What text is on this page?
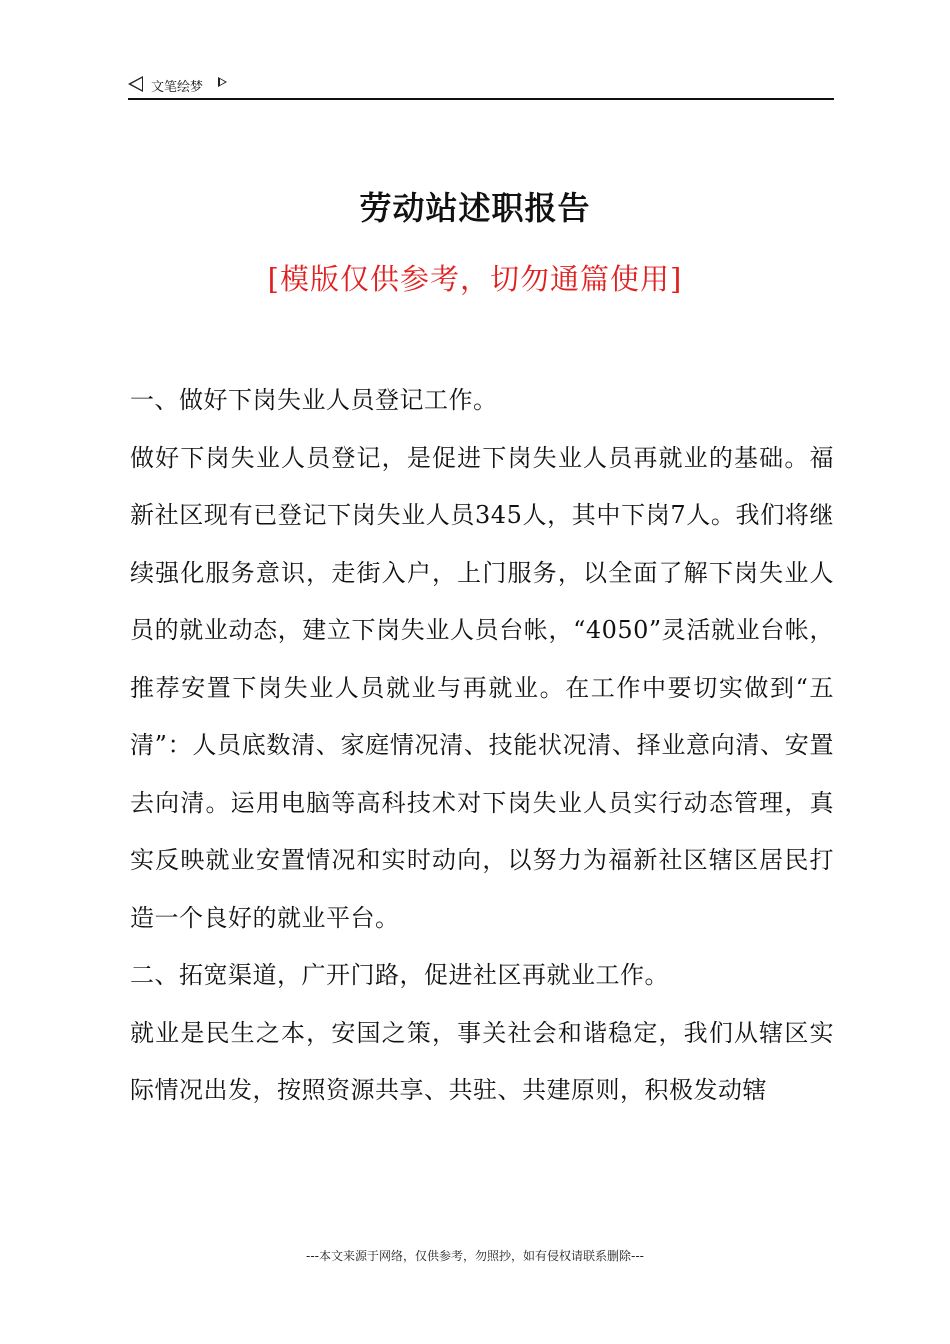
文笔绘梦
劳动站述职报告
[模版仅供参考，切勿通篇使用]

一、做好下岗失业人员登记工作。

做好下岗失业人员登记，是促进下岗失业人员再就业的基础。福新社区现有已登记下岗失业人员345人，其中下岗7人。我们将继续强化服务意识，走街入户，上门服务，以全面了解下岗失业人员的就业动态，建立下岗失业人员台帐，“4050”灵活就业台帐，推荐安置下岗失业人员就业与再就业。在工作中要切实做到“五清”：人员底数清、家庭情况清、技能状况清、择业意向清、安置去向清。运用电脑等高科技术对下岗失业人员实行动态管理，真实反映就业安置情况和实时动向，以努力为福新社区辖区居民打造一个良好的就业平台。

二、拓宽渠道，广开门路，促进社区再就业工作。

就业是民生之本，安国之策，事关社会和谐稳定，我们从辖区实际情况出发，按照资源共享、共驻、共建原则，积极发动辖

---本文来源于网络，仅供参考，勿照抄，如有侵权请联系删除---
